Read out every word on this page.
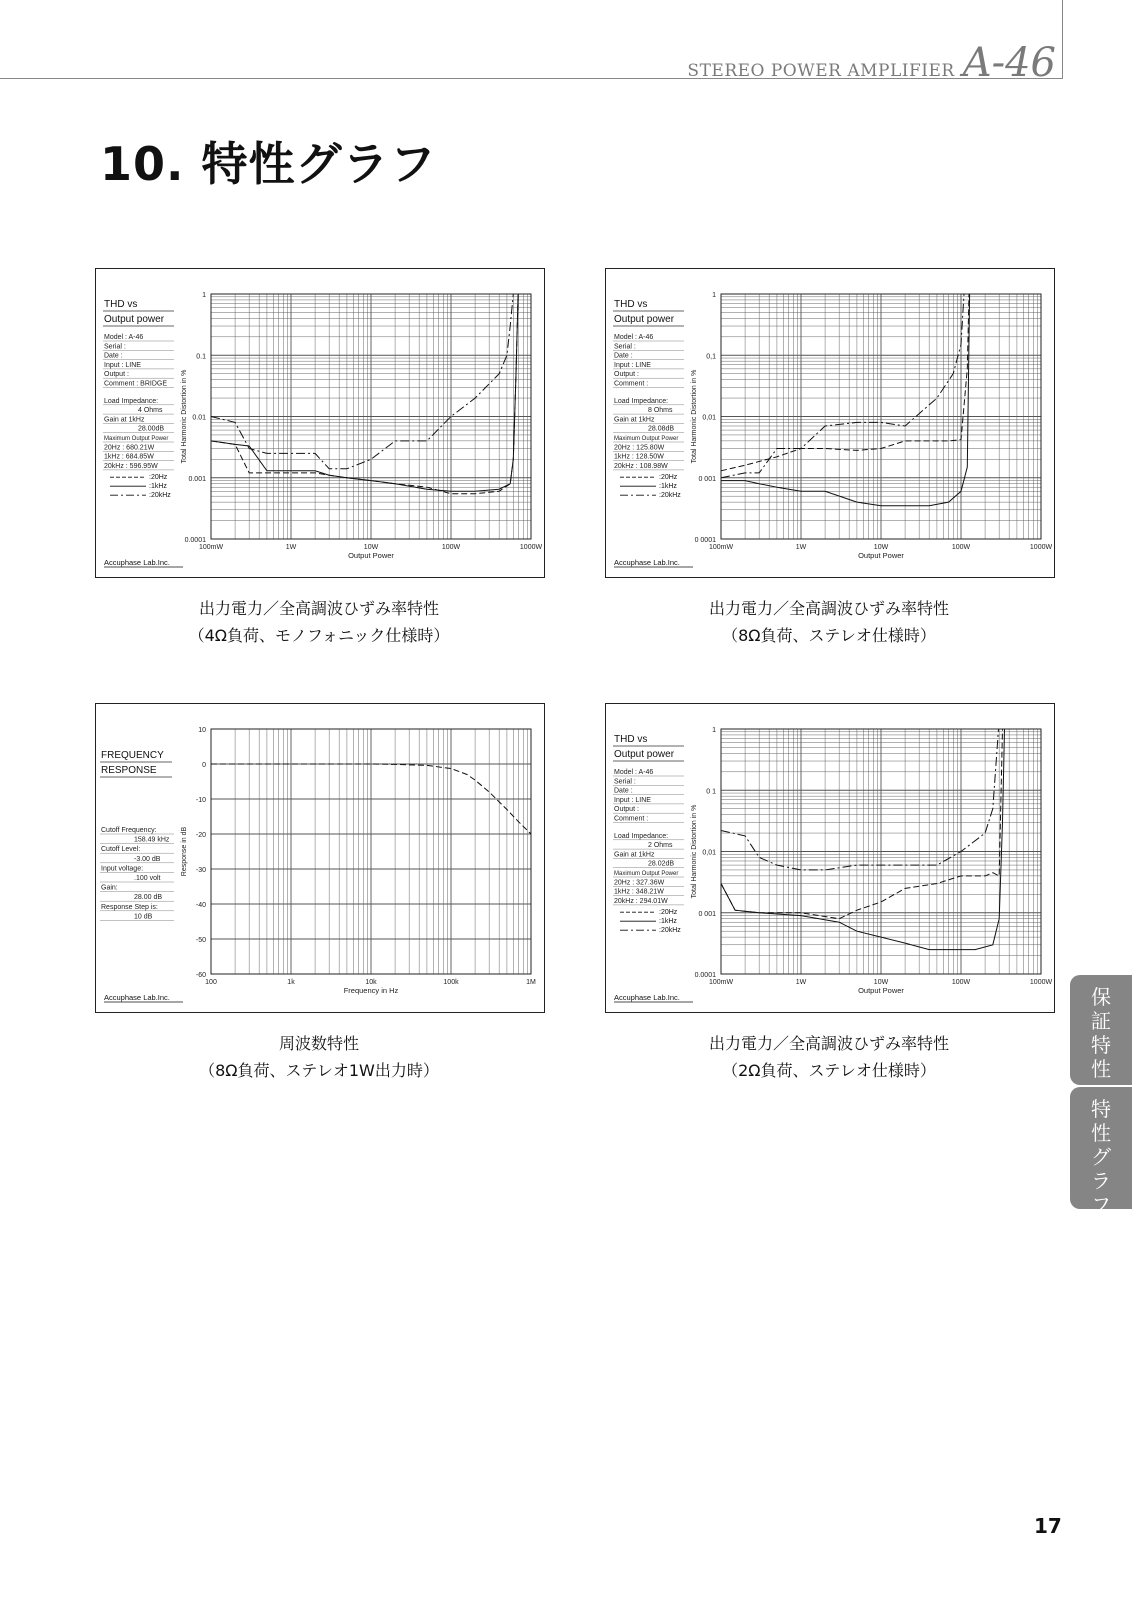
STEREO POWER AMPLIFIER A-46
10. 特性グラフ
1
0.1
0.01
0.001
0.0001
100mW	1W	10W	100W	1000W
Output Power
Total Harmonic Distortion in %
THD vs
Output power
Model : A-46
Serial :
Date :
Input : LINE
Output :
Comment : BRIDGE
Load Impedance:
4 Ohms
Gain at 1kHz
28.00dB
Maximum Output Power
20Hz : 680.21W
1kHz : 684.85W
20kHz : 596.95W
:20Hz
:1kHz
:20kHz
Accuphase Lab.Inc.
1
0,1
0,01
0 001
0 0001
100mW	1W	10W	100W	1000W
Output Power
Total Harmonic Distortion in %
THD vs
Output power
Model : A-46
Serial :
Date :
Input : LINE
Output :
Comment :
Load Impedance:
8 Ohms
Gain at 1kHz
28.08dB
Maximum Output Power
20Hz : 125.80W
1kHz : 128.50W
20kHz : 108.98W
:20Hz
:1kHz
:20kHz
Accuphase Lab.Inc.
10
0
-10
-20
-30
-40
-50
-60
100	1k	10k	100k	1M
Frequency in Hz
Response in dB
FREQUENCY
RESPONSE
Cutoff Frequency:
158.49 kHz
Cutoff Level:
-3.00 dB
Input voltage:
.100 volt
Gain:
28.00 dB
Response Step is:
10 dB
Accuphase Lab.Inc.
1
0 1
0,01
0 001
0.0001
100mW	1W	10W	100W	1000W
Output Power
Total Harmonic Distortion in %
THD vs
Output power
Model : A-46
Serial :
Date :
Input : LINE
Output :
Comment :
Load Impedance:
2 Ohms
Gain at 1kHz
28.02dB
Maximum Output Power
20Hz : 327.36W
1kHz : 348.21W
20kHz : 294.01W
:20Hz
:1kHz
:20kHz
Accuphase Lab.Inc.
出力電力／全高調波ひずみ率特性
（4Ω負荷、モノフォニック仕様時）
出力電力／全高調波ひずみ率特性
（8Ω負荷、ステレオ仕様時）
周波数特性
（8Ω負荷、ステレオ1W出力時）
出力電力／全高調波ひずみ率特性
（2Ω負荷、ステレオ仕様時）
保証特性
特性グラフ
17
